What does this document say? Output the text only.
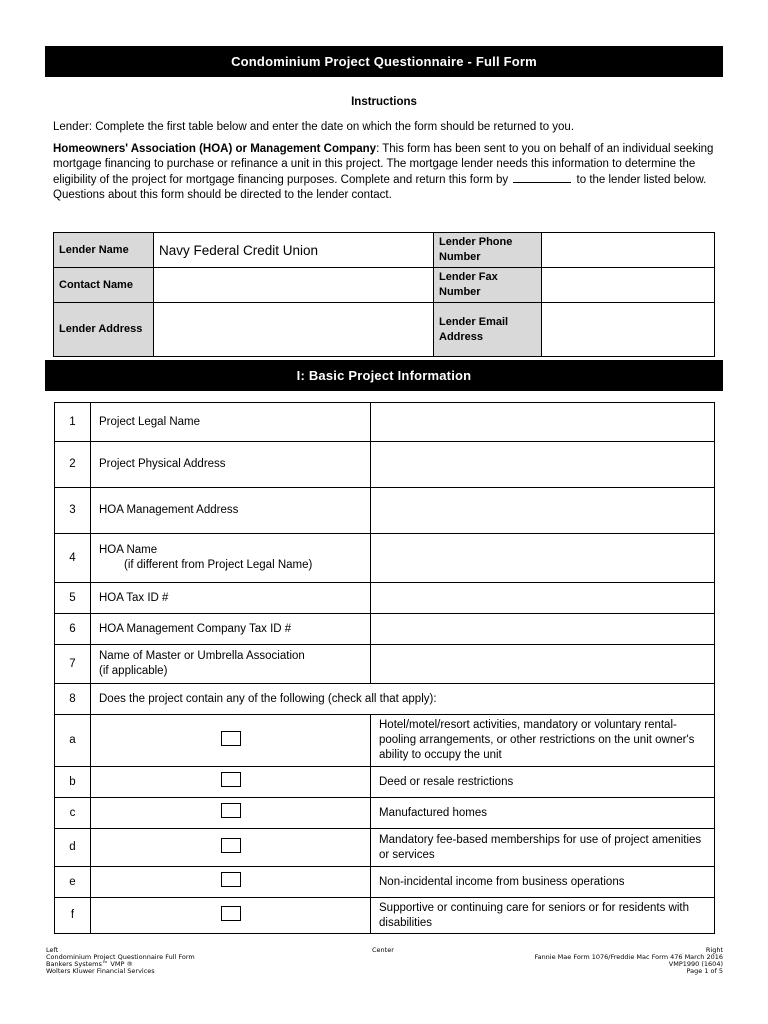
Condominium Project Questionnaire - Full Form
Instructions
Lender: Complete the first table below and enter the date on which the form should be returned to you.
Homeowners' Association (HOA) or Management Company: This form has been sent to you on behalf of an individual seeking mortgage financing to purchase or refinance a unit in this project. The mortgage lender needs this information to determine the eligibility of the project for mortgage financing purposes. Complete and return this form by	to the lender listed below. Questions about this form should be directed to the lender contact.
Lender Name	Navy Federal Credit Union	Lender Phone Number	
Contact Name		Lender Fax Number	
Lender Address		Lender Email Address	
I: Basic Project Information
1	Project Legal Name	
2	Project Physical Address	
3	HOA Management Address	
4	HOA Name
(if different from Project Legal Name)	
5	HOA Tax ID #	
6	HOA Management Company Tax ID #	
7	Name of Master or Umbrella Association
(if applicable)	

8	Does the project contain any of the following (check all that apply):	
a		Hotel/motel/resort activities, mandatory or voluntary rental-pooling arrangements, or other restrictions on the unit owner's ability to occupy the unit
b		Deed or resale restrictions
c		Manufactured homes
d		Mandatory fee-based memberships for use of project amenities or services
e		Non-incidental income from business operations
f		Supportive or continuing care for seniors or for residents with disabilities
Left
Condominium Project Questionnaire Full Form
Bankers Systems™ VMP ®
Wolters Kluwer Financial Services
Center	Right
Fannie Mae Form 1076/Freddie Mac Form 476 March 2016
VMP1990 (1604)
Page 1 of 5
